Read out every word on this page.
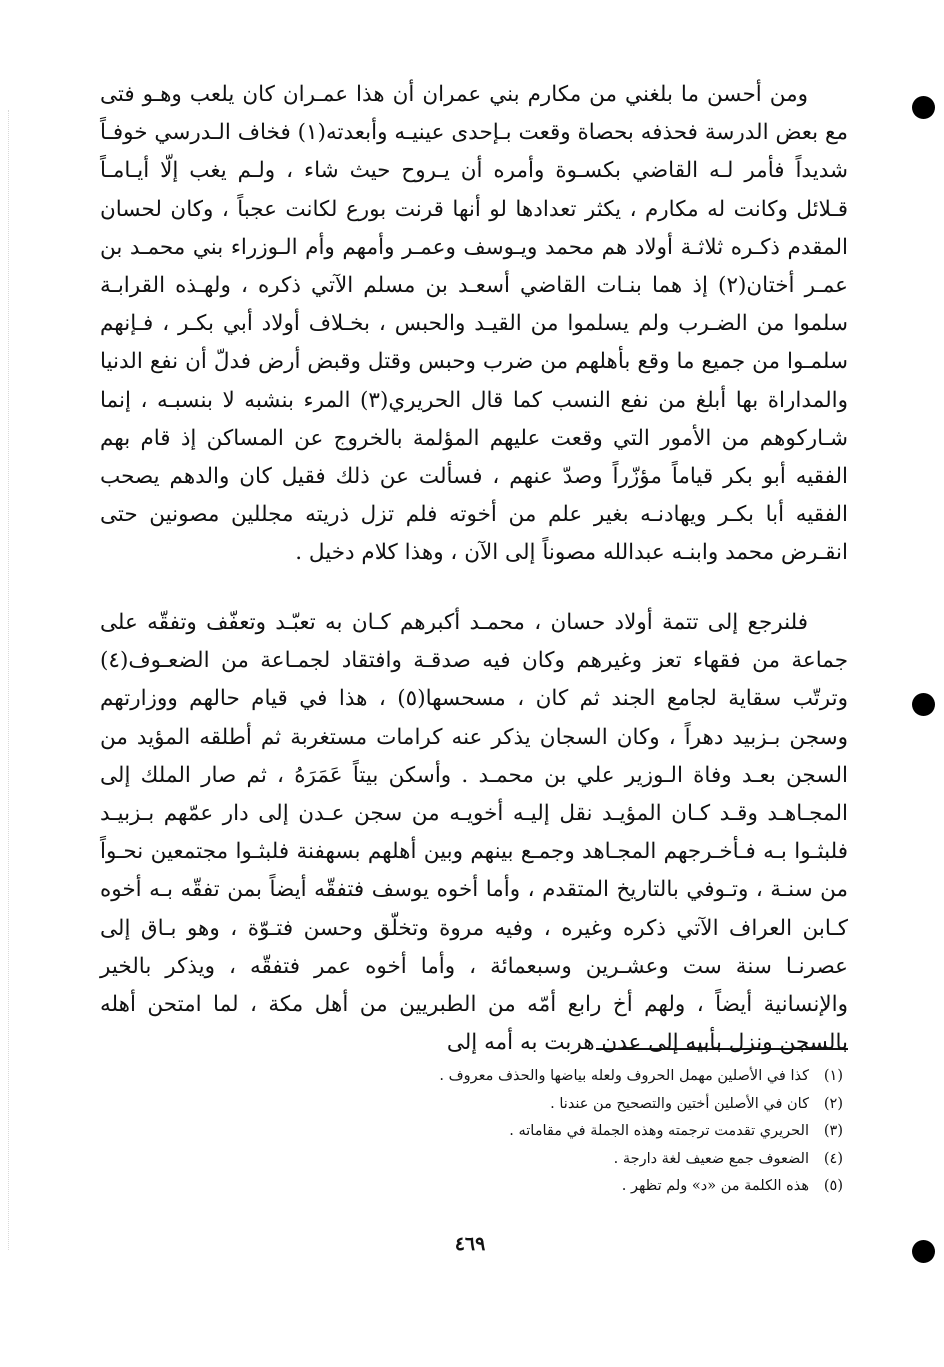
ومن أحسن ما بلغني من مكارم بني عمران أن هذا عمـران كان يلعب وهـو فتى مع بعض الدرسة فحذفه بحصاة وقعت بـإحدى عينيـه وأبعدته(١) فخاف الـدرسي خوفـاً شديداً فأمر لـه القاضي بكسـوة وأمره أن يـروح حيث شاء ، ولـم يغب إلّا أيـامـاً قـلائل وكانت له مكارم ، يكثر تعدادها لو أنها قرنت بورع لكانت عجباً ، وكان لحسان المقدم ذكـره ثلاثـة أولاد هم محمد ويـوسف وعمـر وأمهم وأم الـوزراء بني محمـد بن عمـر أختان(٢) إذ هما بنـات القاضي أسعـد بن مسلم الآتي ذكره ، ولهـذه القرابـة سلموا من الضـرب ولم يسلموا من القيـد والحبس ، بخـلاف أولاد أبي بكـر ، فـإنهم سلمـوا من جميع ما وقع بأهلهم من ضرب وحبس وقتل وقبض أرض فدلّ أن نفع الدنيا والمداراة بها أبلغ من نفع النسب كما قال الحريري(٣) المرء بنشبه لا بنسبـه ، إنما شـاركوهم من الأمور التي وقعت عليهم المؤلمة بالخروج عن المساكن إذ قام بهم الفقيه أبو بكر قياماً مؤزّراً وصدّ عنهم ، فسألت عن ذلك فقيل كان والدهم يصحب الفقيه أبا بكـر ويهادنـه بغير علم من أخوته فلم تزل ذريته مجللين مصونين حتى انقـرض محمد وابنـه عبدالله مصوناً إلى الآن ، وهذا كلام دخيل .

فلنرجع إلى تتمة أولاد حسان ، محمـد أكبرهم كـان به تعبّـد وتعفّف وتفقّه على جماعة من فقهاء تعز وغيرهم وكان فيه صدقـة وافتقاد لجمـاعة من الضعـوف(٤) وترتّب سقاية لجامع الجند ثم كان ، مسحسها(٥) ، هذا في قيام حالهم ووزارتهم وسجن بـزبيد دهراً ، وكان السجان يذكر عنه كرامات مستغربة ثم أطلقه المؤيد من السجن بعـد وفاة الـوزير علي بن محمـد . وأسكن بيتاً عَمَرَهُ ، ثم صار الملك إلى المجـاهـد وقـد كـان المؤيـد نقل إليـه أخويـه من سجن عـدن إلى دار عمّهم بـزبيـد فلبثـوا بـه فـأخـرجهم المجـاهد وجمـع بينهم وبين أهلهم بسهفنة فلبثـوا مجتمعين نحـواً من سنـة ، وتـوفي بالتاريخ المتقدم ، وأما أخوه يوسف فتفقّه أيضاً بمن تفقّه بـه أخوه كـابن العراف الآتي ذكره وغيره ، وفيه مروة وتخلّق وحسن فتـوّة ، وهو بـاق إلى عصرنـا سنة ست وعشـرين وسبعمائة ، وأما أخوه عمر فتفقّه ، ويذكر بالخير والإنسانية أيضاً ، ولهم أخ رابع أمّه من الطبريين من أهل مكة ، لما امتحن أهله بالسجن ونزل بأبيه إلى عدن هربت به أمه إلى

(١)
كذا في الأصلين مهمل الحروف ولعله بياضها والحذف معروف .
(٢)
كان في الأصلين أختين والتصحيح من عندنا .
(٣)
الحريري تقدمت ترجمته وهذه الجملة في مقاماته .
(٤)
الضعوف جمع ضعيف لغة دارجة .
(٥)
هذه الكلمة من «د» ولم تظهر .
٤٦٩
